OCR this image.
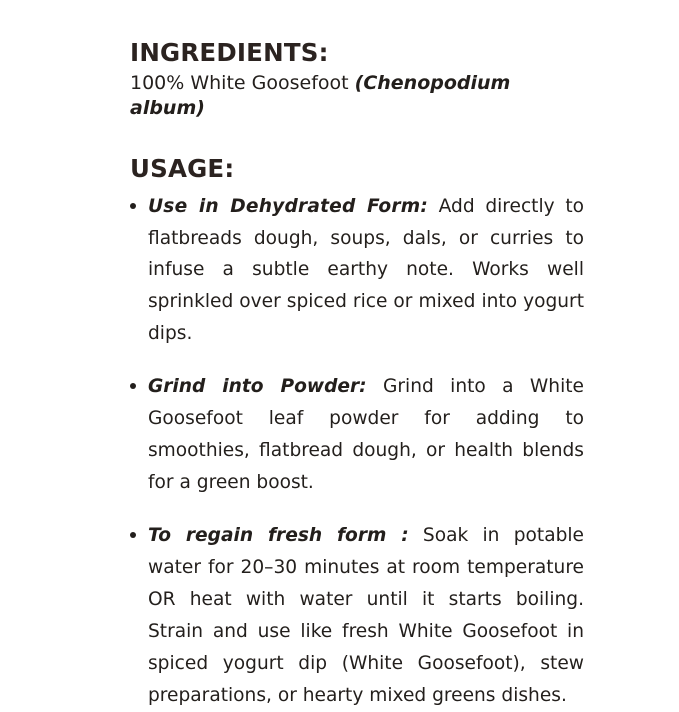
INGREDIENTS:

100% White Goosefoot (Chenopodium album)

USAGE:
Use in Dehydrated Form: Add directly to flatbreads dough, soups, dals, or curries to infuse a subtle earthy note. Works well sprinkled over spiced rice or mixed into yogurt dips.
Grind into Powder: Grind into a White Goosefoot leaf powder for adding to smoothies, flatbread dough, or health blends for a green boost.
To regain fresh form : Soak in potable water for 20–30 minutes at room temperature OR heat with water until it starts boiling. Strain and use like fresh White Goosefoot in spiced yogurt dip (White Goosefoot), stew preparations, or hearty mixed greens dishes.
